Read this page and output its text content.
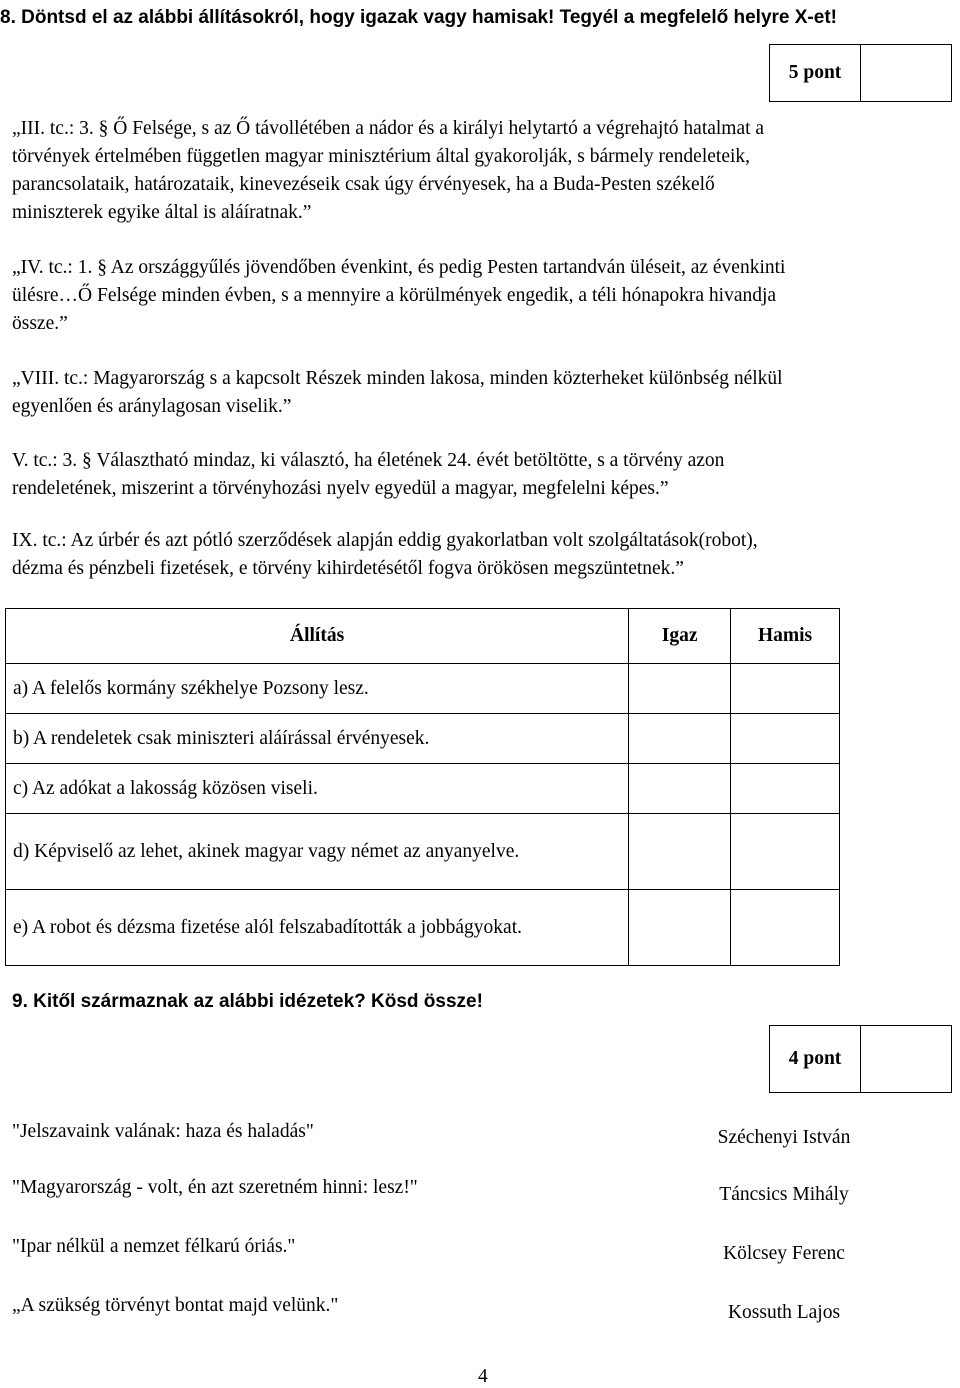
8. Döntsd el az alábbi állításokról, hogy igazak vagy hamisak! Tegyél a megfelelő helyre X-et!
5 pont
„III. tc.: 3. § Ő Felsége, s az Ő távollétében a nádor és a királyi helytartó a végrehajtó hatalmat a
törvények értelmében független magyar minisztérium által gyakorolják, s bármely rendeleteik,
parancsolataik, határozataik, kinevezéseik csak úgy érvényesek, ha a Buda-Pesten székelő
miniszterek egyike által is aláíratnak.”
„IV. tc.: 1. § Az országgyűlés jövendőben évenkint, és pedig Pesten tartandván üléseit, az évenkinti
ülésre…Ő Felsége minden évben, s a mennyire a körülmények engedik, a téli hónapokra hivandja
össze.”
„VIII. tc.: Magyarország s a kapcsolt Részek minden lakosa, minden közterheket különbség nélkül
egyenlően és aránylagosan viselik.”
V. tc.: 3. § Választható mindaz, ki választó, ha életének 24. évét betöltötte, s a törvény azon
rendeletének, miszerint a törvényhozási nyelv egyedül a magyar, megfelelni képes.”
IX. tc.: Az úrbér és azt pótló szerződések alapján eddig gyakorlatban volt szolgáltatások(robot),
dézma és pénzbeli fizetések, e törvény kihirdetésétől fogva örökösen megszüntetnek.”
Állítás	Igaz	Hamis
a) A felelős kormány székhelye Pozsony lesz.		
b) A rendeletek csak miniszteri aláírással érvényesek.		
c) Az adókat a lakosság közösen viseli.		
d) Képviselő az lehet, akinek magyar vagy német az anyanyelve.		
e) A robot és dézsma fizetése alól felszabadították a jobbágyokat.		
9. Kitől származnak az alábbi idézetek? Kösd össze!
4 pont
"Jelszavaink valának: haza és haladás"
"Magyarország - volt, én azt szeretném hinni: lesz!"
"Ipar nélkül a nemzet félkarú óriás."
„A szükség törvényt bontat majd velünk."
Széchenyi István
Táncsics Mihály
Kölcsey Ferenc
Kossuth Lajos
4
